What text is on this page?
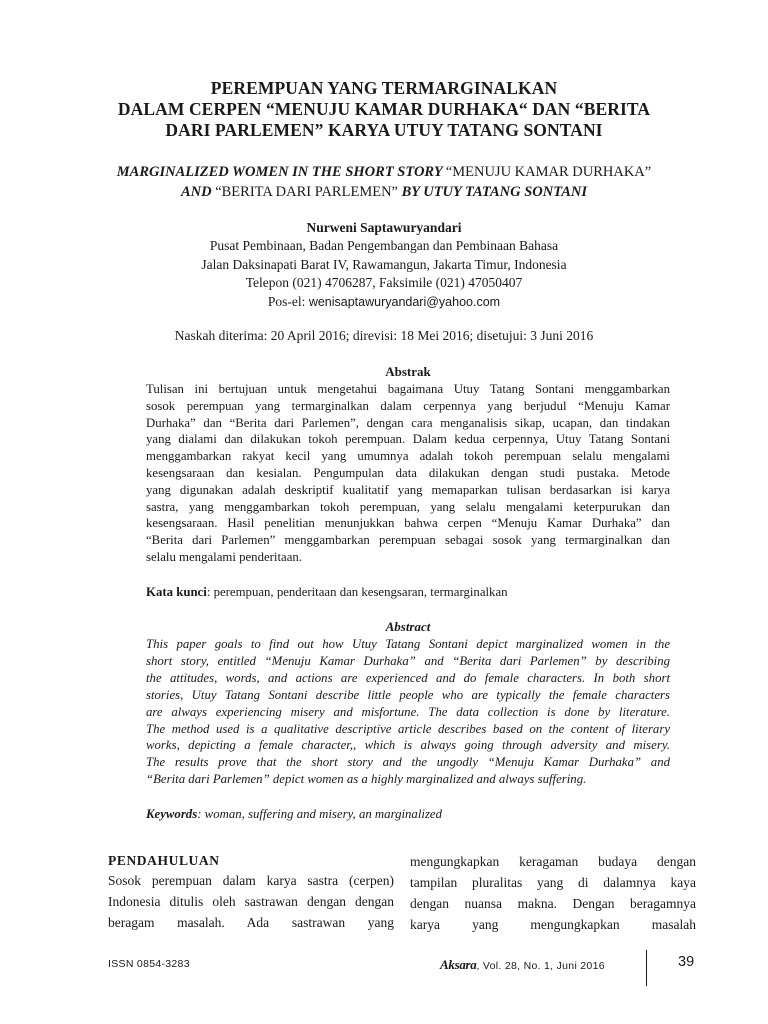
PEREMPUAN YANG TERMARGINALKAN
DALAM CERPEN “MENUJU KAMAR DURHAKA“ DAN “BERITA
DARI PARLEMEN” KARYA UTUY TATANG SONTANI
MARGINALIZED WOMEN IN THE SHORT STORY “MENUJU KAMAR DURHAKA”
AND “BERITA DARI PARLEMEN” BY UTUY TATANG SONTANI
Nurweni Saptawuryandari
Pusat Pembinaan, Badan Pengembangan dan Pembinaan Bahasa
Jalan Daksinapati Barat IV, Rawamangun, Jakarta Timur, Indonesia
Telepon (021) 4706287, Faksimile (021) 47050407
Pos-el: wenisaptawuryandari@yahoo.com
Naskah diterima: 20 April 2016; direvisi: 18 Mei 2016; disetujui: 3 Juni 2016
Abstrak
Tulisan ini bertujuan untuk mengetahui bagaimana Utuy Tatang Sontani menggambarkan
sosok perempuan yang termarginalkan dalam cerpennya yang berjudul “Menuju Kamar
Durhaka” dan “Berita dari Parlemen”, dengan cara menganalisis sikap, ucapan, dan tindakan
yang dialami dan dilakukan tokoh perempuan. Dalam kedua cerpennya, Utuy Tatang Sontani
menggambarkan rakyat kecil yang umumnya adalah tokoh perempuan selalu mengalami
kesengsaraan dan kesialan. Pengumpulan data dilakukan dengan studi pustaka. Metode
yang digunakan adalah deskriptif kualitatif yang memaparkan tulisan berdasarkan isi karya
sastra, yang menggambarkan tokoh perempuan, yang selalu mengalami keterpurukan dan
kesengsaraan. Hasil penelitian menunjukkan bahwa cerpen “Menuju Kamar Durhaka” dan
“Berita dari Parlemen” menggambarkan perempuan sebagai sosok yang termarginalkan dan
selalu mengalami penderitaan.
Kata kunci: perempuan, penderitaan dan kesengsaran, termarginalkan
Abstract
This paper goals to find out how Utuy Tatang Sontani depict marginalized women in the
short story, entitled “Menuju Kamar Durhaka” and “Berita dari Parlemen” by describing
the attitudes, words, and actions are experienced and do female characters. In both short
stories, Utuy Tatang Sontani describe little people who are typically the female characters
are always experiencing misery and misfortune. The data collection is done by literature.
The method used is a qualitative descriptive article describes based on the content of literary
works, depicting a female character,, which is always going through adversity and misery.
The results prove that the short story and the ungodly “Menuju Kamar Durhaka” and
“Berita dari Parlemen” depict women as a highly marginalized and always suffering.
Keywords: woman, suffering and misery, an marginalized
PENDAHULUAN
Sosok perempuan dalam karya sastra (cerpen)
Indonesia ditulis oleh sastrawan dengan dengan
beragam masalah. Ada sastrawan yang
mengungkapkan keragaman budaya dengan
tampilan pluralitas yang di dalamnya kaya
dengan nuansa makna. Dengan beragamnya
karya yang mengungkapkan masalah
ISSN 0854-3283	Aksara, Vol. 28, No. 1, Juni 2016	39
